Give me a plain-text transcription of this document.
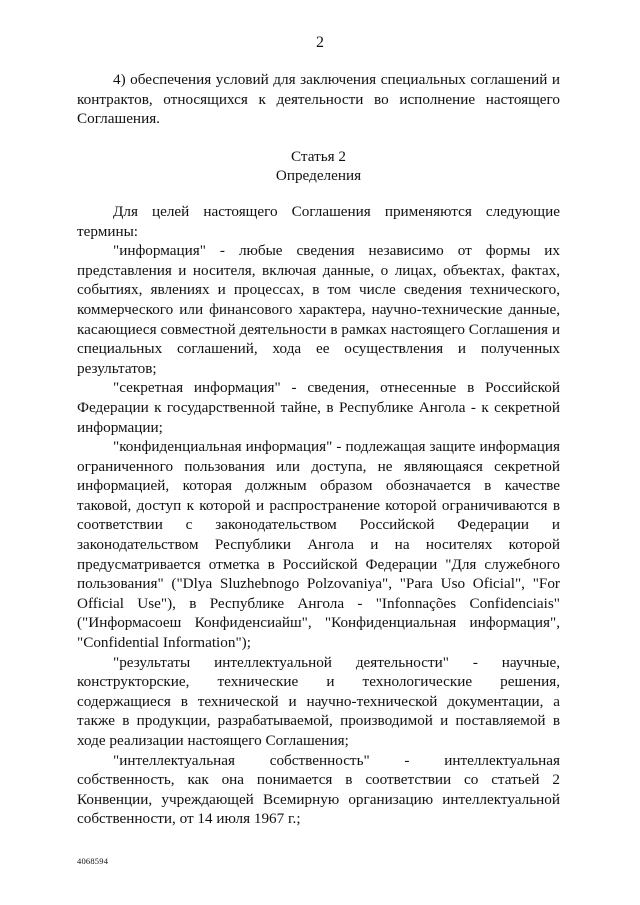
2

4) обеспечения условий для заключения специальных соглашений и контрактов, относящихся к деятельности во исполнение настоящего Соглашения.

Статья 2
Определения

Для целей настоящего Соглашения применяются следующие термины:

"информация" - любые сведения независимо от формы их представления и носителя, включая данные, о лицах, объектах, фактах, событиях, явлениях и процессах, в том числе сведения технического, коммерческого или финансового характера, научно-технические данные, касающиеся совместной деятельности в рамках настоящего Соглашения и специальных соглашений, хода ее осуществления и полученных результатов;

"секретная информация" - сведения, отнесенные в Российской Федерации к государственной тайне, в Республике Ангола - к секретной информации;

"конфиденциальная информация" - подлежащая защите информация ограниченного пользования или доступа, не являющаяся секретной информацией, которая должным образом обозначается в качестве таковой, доступ к которой и распространение которой ограничиваются в соответствии с законодательством Российской Федерации и законодательством Республики Ангола и на носителях которой предусматривается отметка в Российской Федерации "Для служебного пользования" ("Dlya Sluzhebnogo Polzovaniya", "Para Uso Oficial", "For Official Use"), в Республике Ангола - "Infonnações Confidenciais" ("Информасоеш Конфиденсиайш", "Конфиденциальная информация", "Confidential Information");

"результаты интеллектуальной деятельности" - научные, конструкторские, технические и технологические решения, содержащиеся в технической и научно-технической документации, а также в продукции, разрабатываемой, производимой и поставляемой в ходе реализации настоящего Соглашения;

"интеллектуальная собственность" - интеллектуальная собственность, как она понимается в соответствии со статьей 2 Конвенции, учреждающей Всемирную организацию интеллектуальной собственности, от 14 июля 1967 г.;

4068594
